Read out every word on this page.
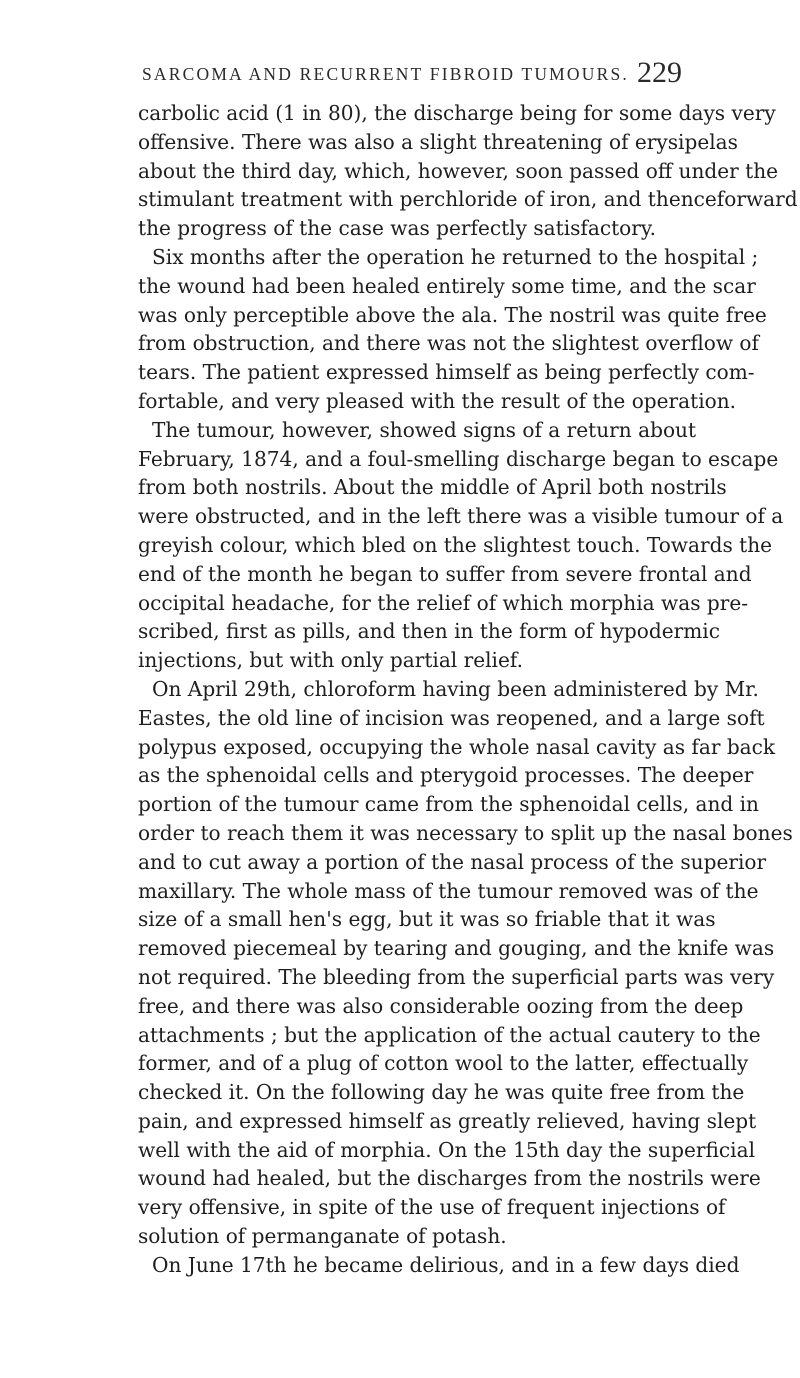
SARCOMA AND RECURRENT FIBROID TUMOURS. 229
carbolic acid (1 in 80), the discharge being for some days very
offensive. There was also a slight threatening of erysipelas
about the third day, which, however, soon passed off under the
stimulant treatment with perchloride of iron, and thenceforward
the progress of the case was perfectly satisfactory.
Six months after the operation he returned to the hospital ;
the wound had been healed entirely some time, and the scar
was only perceptible above the ala. The nostril was quite free
from obstruction, and there was not the slightest overflow of
tears. The patient expressed himself as being perfectly com-
fortable, and very pleased with the result of the operation.
The tumour, however, showed signs of a return about
February, 1874, and a foul-smelling discharge began to escape
from both nostrils. About the middle of April both nostrils
were obstructed, and in the left there was a visible tumour of a
greyish colour, which bled on the slightest touch. Towards the
end of the month he began to suffer from severe frontal and
occipital headache, for the relief of which morphia was pre-
scribed, first as pills, and then in the form of hypodermic
injections, but with only partial relief.
On April 29th, chloroform having been administered by Mr.
Eastes, the old line of incision was reopened, and a large soft
polypus exposed, occupying the whole nasal cavity as far back
as the sphenoidal cells and pterygoid processes. The deeper
portion of the tumour came from the sphenoidal cells, and in
order to reach them it was necessary to split up the nasal bones
and to cut away a portion of the nasal process of the superior
maxillary. The whole mass of the tumour removed was of the
size of a small hen's egg, but it was so friable that it was
removed piecemeal by tearing and gouging, and the knife was
not required. The bleeding from the superficial parts was very
free, and there was also considerable oozing from the deep
attachments ; but the application of the actual cautery to the
former, and of a plug of cotton wool to the latter, effectually
checked it. On the following day he was quite free from the
pain, and expressed himself as greatly relieved, having slept
well with the aid of morphia. On the 15th day the superficial
wound had healed, but the discharges from the nostrils were
very offensive, in spite of the use of frequent injections of
solution of permanganate of potash.
On June 17th he became delirious, and in a few days died
